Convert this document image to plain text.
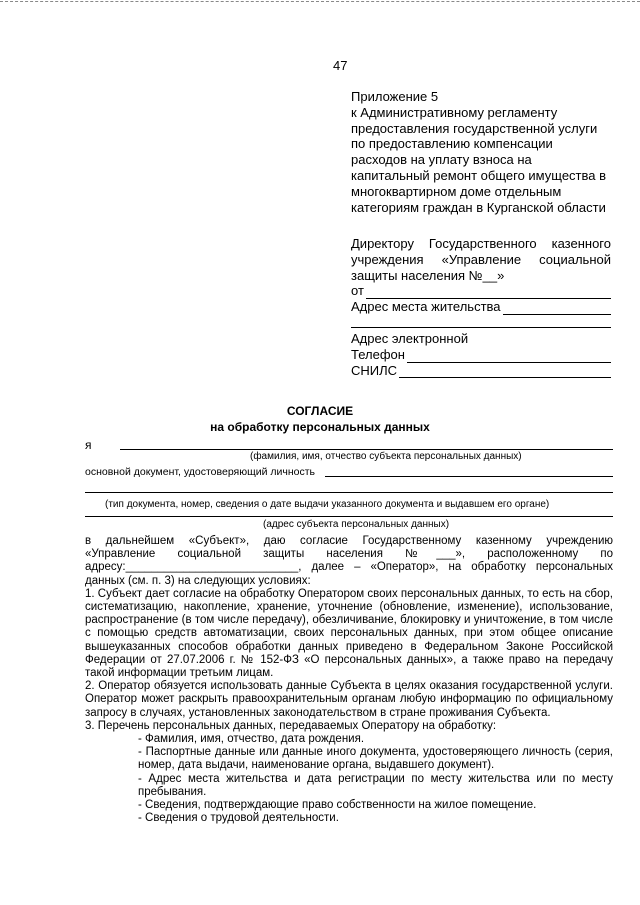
47
Приложение 5
к Административному регламенту
предоставления государственной услуги
по предоставлению компенсации
расходов на уплату взноса на
капитальный ремонт общего имущества в
многоквартирном доме отдельным
категориям граждан в Курганской области
Директору Государственного казенного
учреждения «Управление социальной
защиты населения №__»
от
Адрес места жительства
Адрес электронной
Телефон
СНИЛС
СОГЛАСИЕ
на обработку персональных данных
я
(фамилия, имя, отчество субъекта персональных данных)
основной документ, удостоверяющий личность
(тип документа, номер, сведения о дате выдачи указанного документа и выдавшем его органе)
(адрес субъекта персональных данных)

в дальнейшем «Субъект», даю согласие Государственному казенному учреждению

«Управление социальной защиты населения №___», расположенному по

адресу:___________________________, далее – «Оператор», на обработку персональных

данных (см. п. 3) на следующих условиях:

1. Субъект дает согласие на обработку Оператором своих персональных данных, то есть на сбор, систематизацию, накопление, хранение, уточнение (обновление, изменение), использование, распространение (в том числе передачу), обезличивание, блокировку и уничтожение, в том числе с помощью средств автоматизации, своих персональных данных, при этом общее описание вышеуказанных способов обработки данных приведено в Федеральном Законе Российской Федерации от 27.07.2006 г. № 152-ФЗ «О персональных данных», а также право на передачу такой информации третьим лицам.

2. Оператор обязуется использовать данные Субъекта в целях оказания государственной услуги. Оператор может раскрыть правоохранительным органам любую информацию по официальному запросу в случаях, установленных законодательством в стране проживания Субъекта.

3. Перечень персональных данных, передаваемых Оператору на обработку:

- Фамилия, имя, отчество, дата рождения.

- Паспортные данные или данные иного документа, удостоверяющего личность (серия, номер, дата выдачи, наименование органа, выдавшего документ).

- Адрес места жительства и дата регистрации по месту жительства или по месту пребывания.

- Сведения, подтверждающие право собственности на жилое помещение.

- Сведения о трудовой деятельности.
